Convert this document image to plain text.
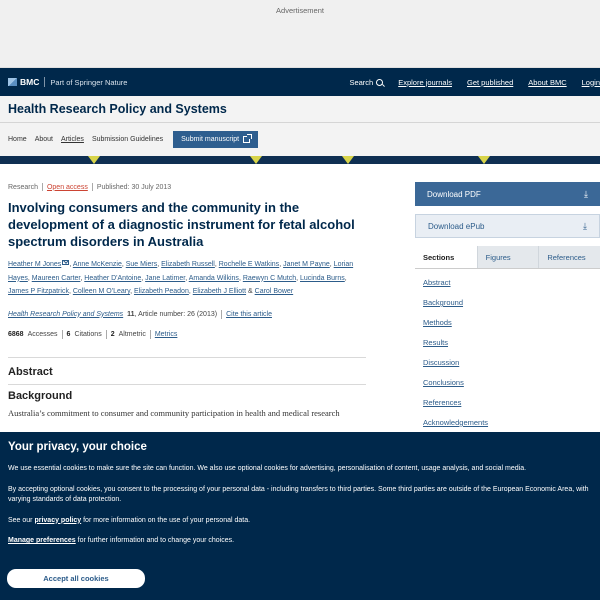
Advertisement
BMC Part of Springer Nature	Search	Explore journals Get published About BMC Login
Health Research Policy and Systems
Home About Articles Submission Guidelines	Submit manuscript
Research Open access Published: 30 July 2013
Involving consumers and the community in the development of a diagnostic instrument for fetal alcohol spectrum disorders in Australia
Heather M Jones , Anne McKenzie, Sue Miers, Elizabeth Russell, Rochelle E Watkins, Janet M Payne, Lorian Hayes, Maureen Carter, Heather D'Antoine, Jane Latimer, Amanda Wilkins, Raewyn C Mutch, Lucinda Burns, James P Fitzpatrick, Colleen M O'Leary, Elizabeth Peadon, Elizabeth J Elliott & Carol Bower
Health Research Policy and Systems 11, Article number: 26 (2013) Cite this article
6868 Accesses 6 Citations 2 Altmetric Metrics
Abstract
Background

Australia’s commitment to consumer and community participation in health and medical research

Download PDF	⤓
Download ePub	⤓
Sections	Figures	References
Abstract
Background
Methods
Results
Discussion
Conclusions
References
Acknowledgements
Your privacy, your choice

We use essential cookies to make sure the site can function. We also use optional cookies for advertising, personalisation of content, usage analysis, and social media.

By accepting optional cookies, you consent to the processing of your personal data - including transfers to third parties. Some third parties are outside of the European Economic Area, with varying standards of data protection.

See our privacy policy for more information on the use of your personal data.

Manage preferences for further information and to change your choices.

Accept all cookies
